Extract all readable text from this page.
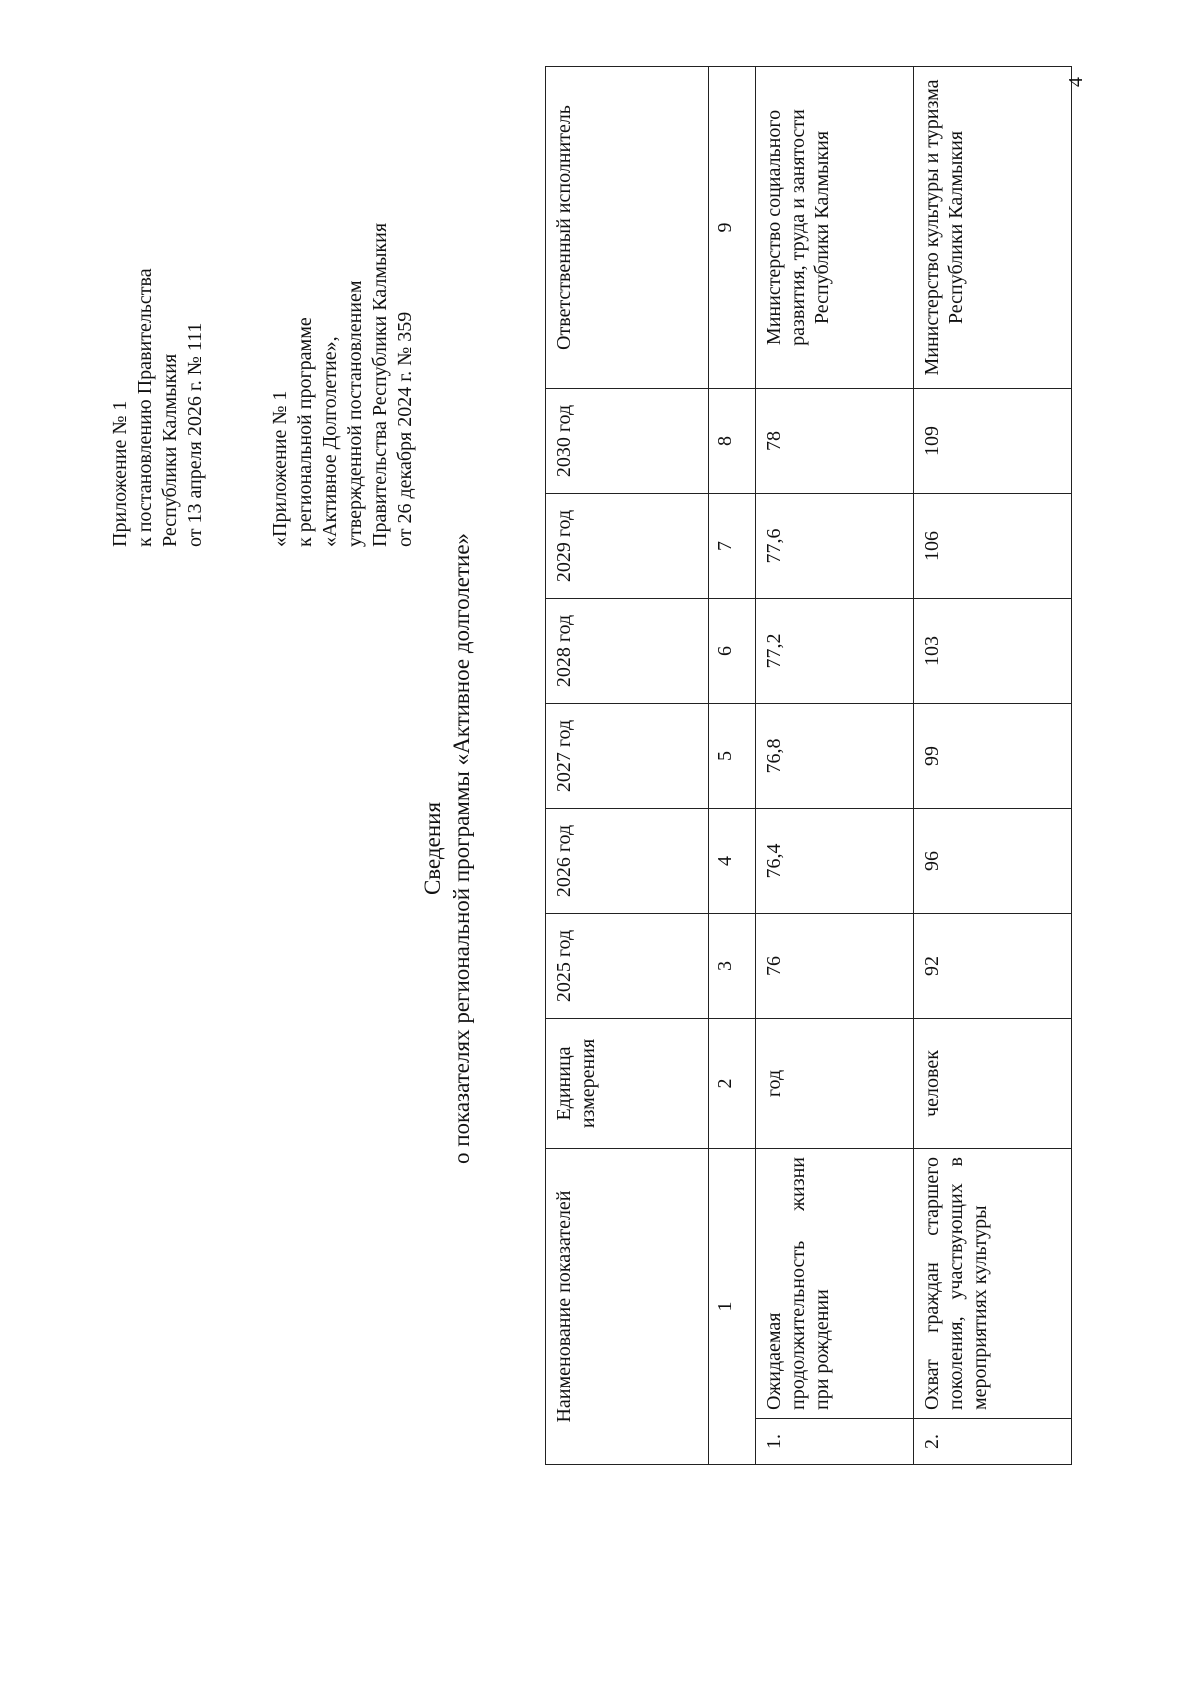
Приложение № 1 к постановлению Правительства Республики Калмыкия от 13 апреля 2026 г. № 111	«Приложение № 1 к региональной программе «Активное Долголетие», утвержденной постановлением Правительства Республики Калмыкия от 26 декабря 2024 г. № 359
Сведения о показателях региональной программы «Активное долголетие»
Наименование показателей		Единица измерения	2025 год	2026 год	2027 год	2028 год	2029 год	2030 год	Ответственный исполнитель
1		2	3	4	5	6	7	8	9
1.	Ожидаемая продолжительность жизни при рождении	год	76	76,4	76,8	77,2	77,6	78	Министерство социального развития, труда и занятости Республики Калмыкия
2.	Охват граждан старшего поколения, участвующих в мероприятиях культуры	человек	92	96	99	103	106	109	Министерство культуры и туризма Республики Калмыкия
4
